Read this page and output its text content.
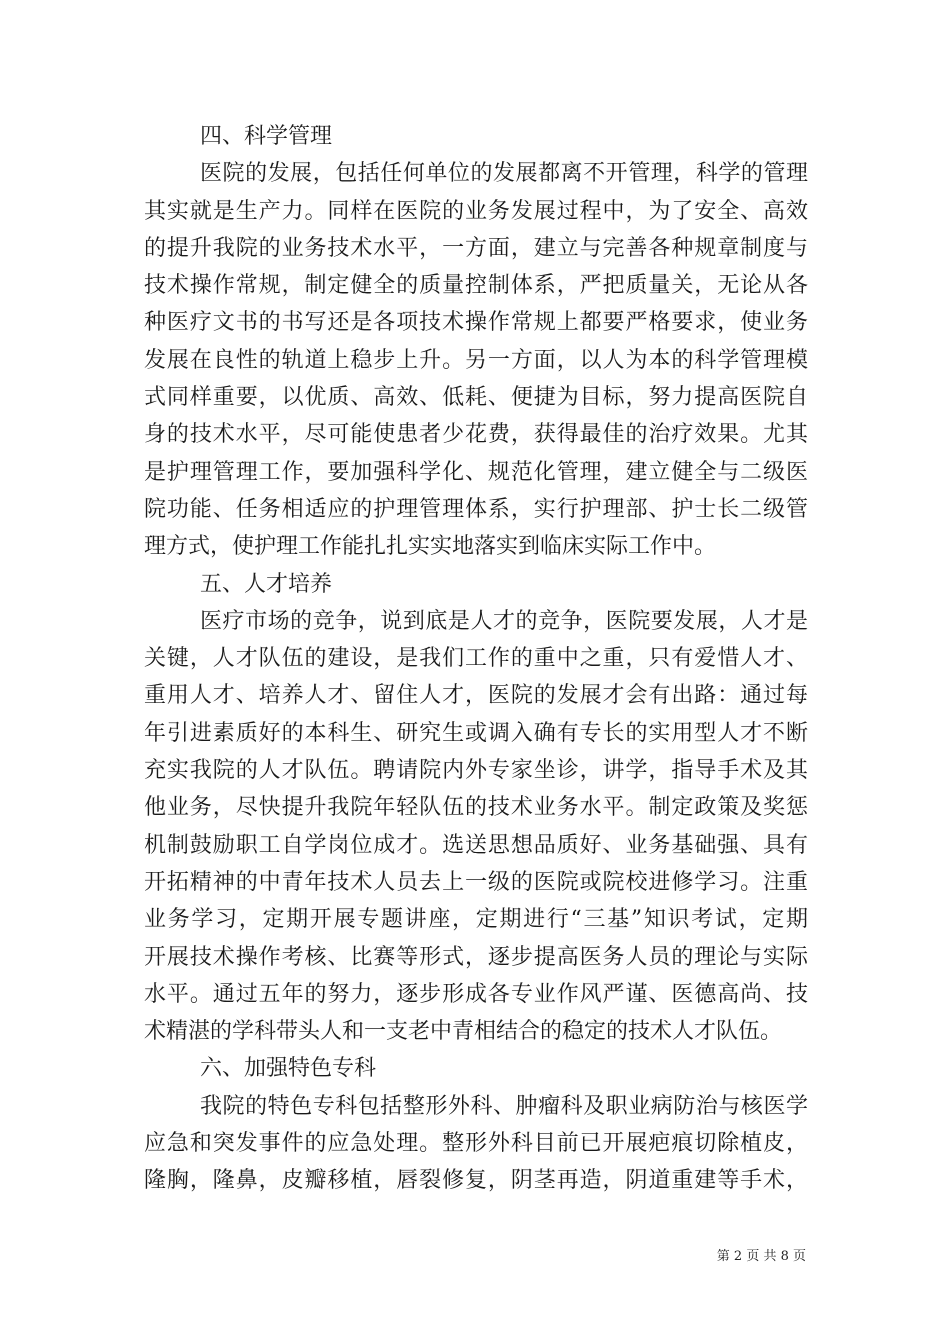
四、科学管理
医院的发展，包括任何单位的发展都离不开管理，科学的管理
其实就是生产力。同样在医院的业务发展过程中，为了安全、高效
的提升我院的业务技术水平，一方面，建立与完善各种规章制度与
技术操作常规，制定健全的质量控制体系，严把质量关，无论从各
种医疗文书的书写还是各项技术操作常规上都要严格要求，使业务
发展在良性的轨道上稳步上升。另一方面，以人为本的科学管理模
式同样重要，以优质、高效、低耗、便捷为目标，努力提高医院自
身的技术水平，尽可能使患者少花费，获得最佳的治疗效果。尤其
是护理管理工作，要加强科学化、规范化管理，建立健全与二级医
院功能、任务相适应的护理管理体系，实行护理部、护士长二级管
理方式，使护理工作能扎扎实实地落实到临床实际工作中。
五、人才培养
医疗市场的竞争，说到底是人才的竞争，医院要发展，人才是
关键，人才队伍的建设，是我们工作的重中之重，只有爱惜人才、
重用人才、培养人才、留住人才，医院的发展才会有出路：通过每
年引进素质好的本科生、研究生或调入确有专长的实用型人才不断
充实我院的人才队伍。聘请院内外专家坐诊，讲学，指导手术及其
他业务，尽快提升我院年轻队伍的技术业务水平。制定政策及奖惩
机制鼓励职工自学岗位成才。选送思想品质好、业务基础强、具有
开拓精神的中青年技术人员去上一级的医院或院校进修学习。注重
业务学习，定期开展专题讲座，定期进行“三基”知识考试，定期
开展技术操作考核、比赛等形式，逐步提高医务人员的理论与实际
水平。通过五年的努力，逐步形成各专业作风严谨、医德高尚、技
术精湛的学科带头人和一支老中青相结合的稳定的技术人才队伍。
六、加强特色专科
我院的特色专科包括整形外科、肿瘤科及职业病防治与核医学
应急和突发事件的应急处理。整形外科目前已开展疤痕切除植皮，
隆胸，隆鼻，皮瓣移植，唇裂修复，阴茎再造，阴道重建等手术，
第 2 页 共 8 页
